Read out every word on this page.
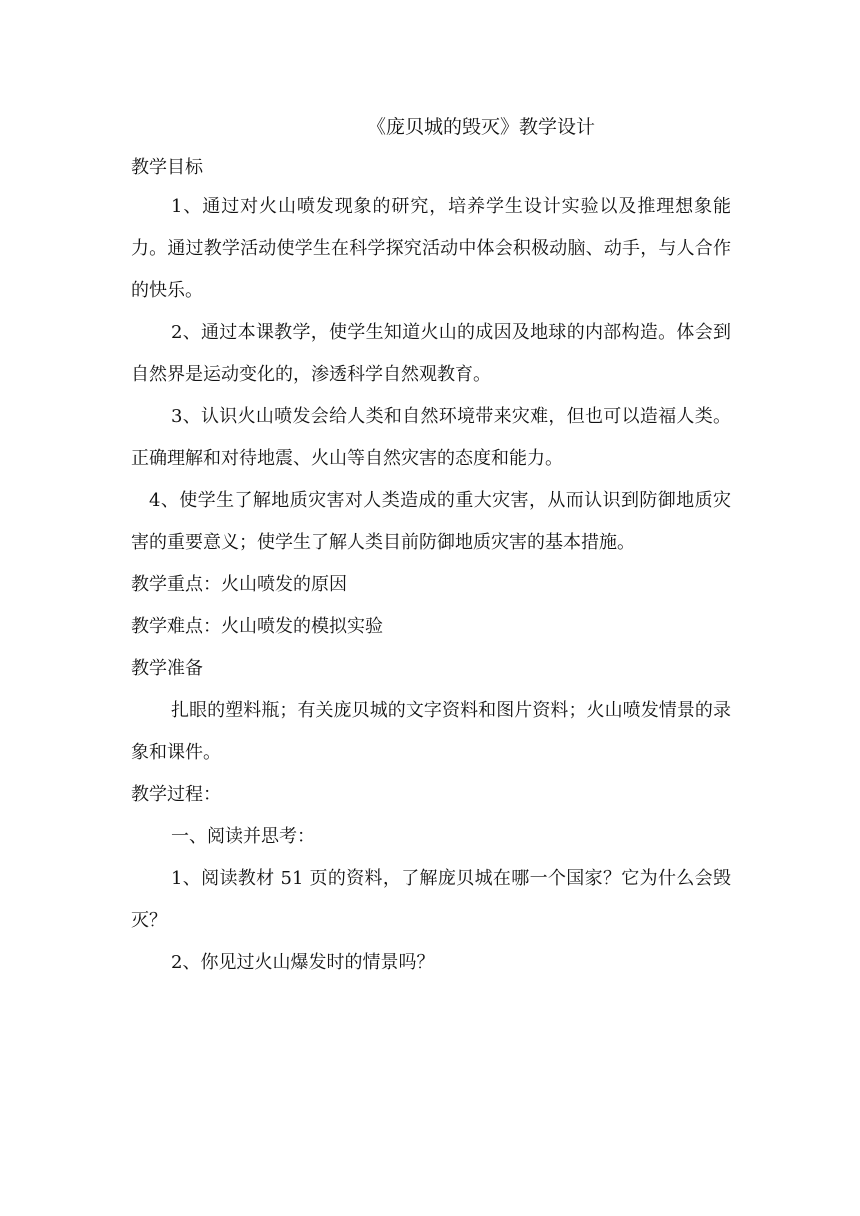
《庞贝城的毁灭》教学设计

教学目标

1、通过对火山喷发现象的研究，培养学生设计实验以及推理想象能力。通过教学活动使学生在科学探究活动中体会积极动脑、动手，与人合作的快乐。

2、通过本课教学，使学生知道火山的成因及地球的内部构造。体会到自然界是运动变化的，渗透科学自然观教育。

3、认识火山喷发会给人类和自然环境带来灾难，但也可以造福人类。正确理解和对待地震、火山等自然灾害的态度和能力。

4、使学生了解地质灾害对人类造成的重大灾害，从而认识到防御地质灾害的重要意义；使学生了解人类目前防御地质灾害的基本措施。

教学重点：火山喷发的原因

教学难点：火山喷发的模拟实验

教学准备

扎眼的塑料瓶；有关庞贝城的文字资料和图片资料；火山喷发情景的录象和课件。

教学过程：

一、阅读并思考：

1、阅读教材 51 页的资料，了解庞贝城在哪一个国家？它为什么会毁灭？

2、你见过火山爆发时的情景吗？
